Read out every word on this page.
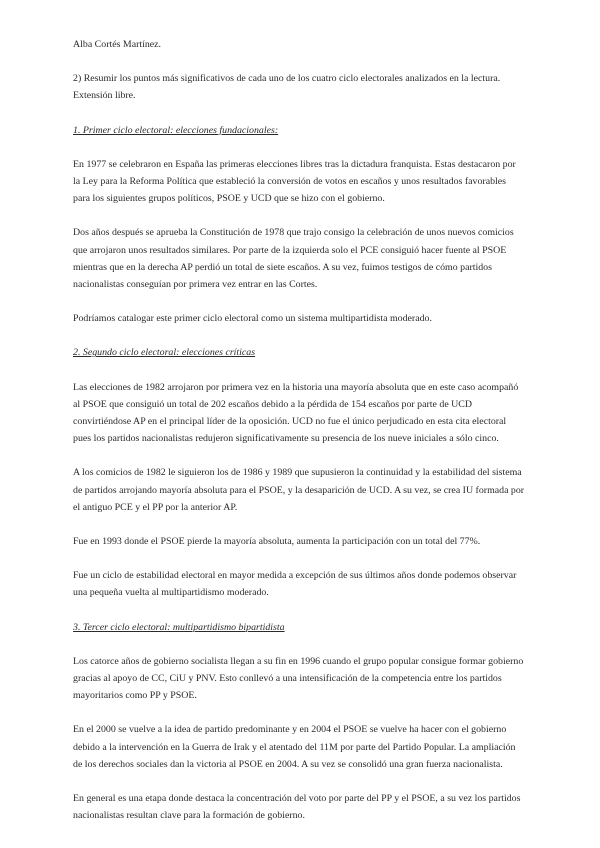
Alba Cortés Martínez.

2) Resumir los puntos más significativos de cada uno de los cuatro ciclo electorales analizados en la lectura. Extensión libre.

1. Primer ciclo electoral: elecciones fundacionales:

En 1977 se celebraron en España las primeras elecciones libres tras la dictadura franquista. Estas destacaron por la Ley para la Reforma Política que estableció la conversión de votos en escaños y unos resultados favorables para los siguientes grupos políticos, PSOE y UCD que se hizo con el gobierno.

Dos años después se aprueba la Constitución de 1978 que trajo consigo la celebración de unos nuevos comicios que arrojaron unos resultados similares. Por parte de la izquierda solo el PCE consiguió hacer fuente al PSOE mientras que en la derecha AP perdió un total de siete escaños. A su vez, fuimos testigos de cómo partidos nacionalistas conseguían por primera vez entrar en las Cortes.

Podríamos catalogar este primer ciclo electoral como un sistema multipartidista moderado.

2. Segundo ciclo electoral: elecciones críticas

Las elecciones de 1982 arrojaron por primera vez en la historia una mayoría absoluta que en este caso acompañó al PSOE que consiguió un total de 202 escaños debido a la pérdida de 154 escaños por parte de UCD convirtiéndose AP en el principal líder de la oposición. UCD no fue el único perjudicado en esta cita electoral pues los partidos nacionalistas redujeron significativamente su presencia de los nueve iniciales a sólo cinco.

A los comicios de 1982 le siguieron los de 1986 y 1989 que supusieron la continuidad y la estabilidad del sistema de partidos arrojando mayoría absoluta para el PSOE, y la desaparición de UCD. A su vez, se crea IU formada por el antiguo PCE y el PP por la anterior AP.

Fue en 1993 donde el PSOE pierde la mayoría absoluta, aumenta la participación con un total del 77%.

Fue un ciclo de estabilidad electoral en mayor medida a excepción de sus últimos años donde podemos observar una pequeña vuelta al multipartidismo moderado.

3. Tercer ciclo electoral: multipartidismo bipartidista

Los catorce años de gobierno socialista llegan a su fin en 1996 cuando el grupo popular consigue formar gobierno gracias al apoyo de CC, CiU y PNV. Esto conllevó a una intensificación de la competencia entre los partidos mayoritarios como PP y PSOE.

En el 2000 se vuelve a la idea de partido predominante y en 2004 el PSOE se vuelve ha hacer con el gobierno debido a la intervención en la Guerra de Irak y el atentado del 11M por parte del Partido Popular. La ampliación de los derechos sociales dan la victoria al PSOE en 2004. A su vez se consolidó una gran fuerza nacionalista.

En general es una etapa donde destaca la concentración del voto por parte del PP y el PSOE, a su vez los partidos nacionalistas resultan clave para la formación de gobierno.
